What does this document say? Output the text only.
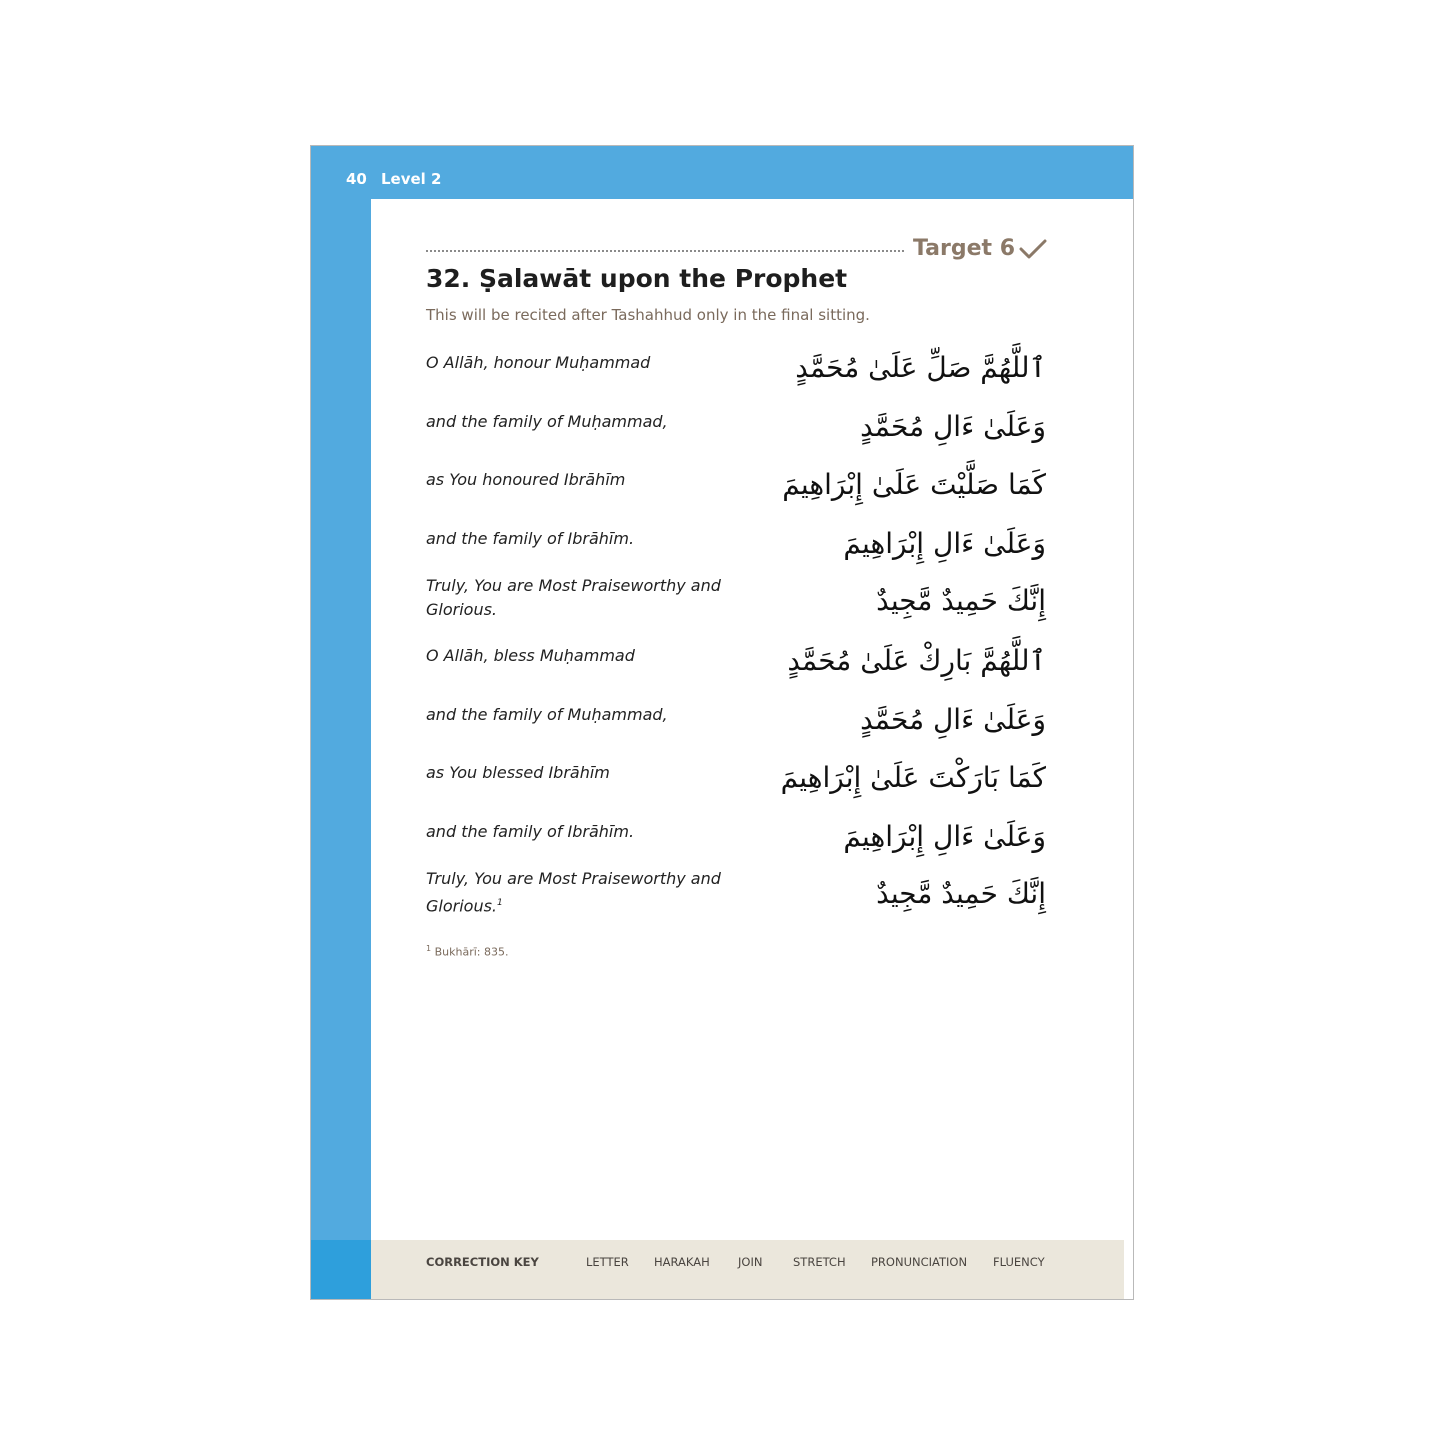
40 Level 2
Target 6
32. Ṣalawāt upon the Prophet
This will be recited after Tashahhud only in the final sitting.
O Allāh, honour Muḥammad	ٱللَّهُمَّ صَلِّ عَلَىٰ مُحَمَّدٍ
and the family of Muḥammad,	وَعَلَىٰ ءَالِ مُحَمَّدٍ
as You honoured Ibrāhīm	كَمَا صَلَّيْتَ عَلَىٰ إِبْرَاهِيمَ
and the family of Ibrāhīm.	وَعَلَىٰ ءَالِ إِبْرَاهِيمَ
Truly, You are Most Praiseworthy and Glorious.	إِنَّكَ حَمِيدٌ مَّجِيدٌ
O Allāh, bless Muḥammad	ٱللَّهُمَّ بَارِكْ عَلَىٰ مُحَمَّدٍ
and the family of Muḥammad,	وَعَلَىٰ ءَالِ مُحَمَّدٍ
as You blessed Ibrāhīm	كَمَا بَارَكْتَ عَلَىٰ إِبْرَاهِيمَ
and the family of Ibrāhīm.	وَعَلَىٰ ءَالِ إِبْرَاهِيمَ
Truly, You are Most Praiseworthy and Glorious.$^1$	إِنَّكَ حَمِيدٌ مَّجِيدٌ
$^1$ Bukhārī: 835.
CORRECTION KEY	LETTER HARAKAH JOIN	STRETCH PRONUNCIATION FLUENCY
